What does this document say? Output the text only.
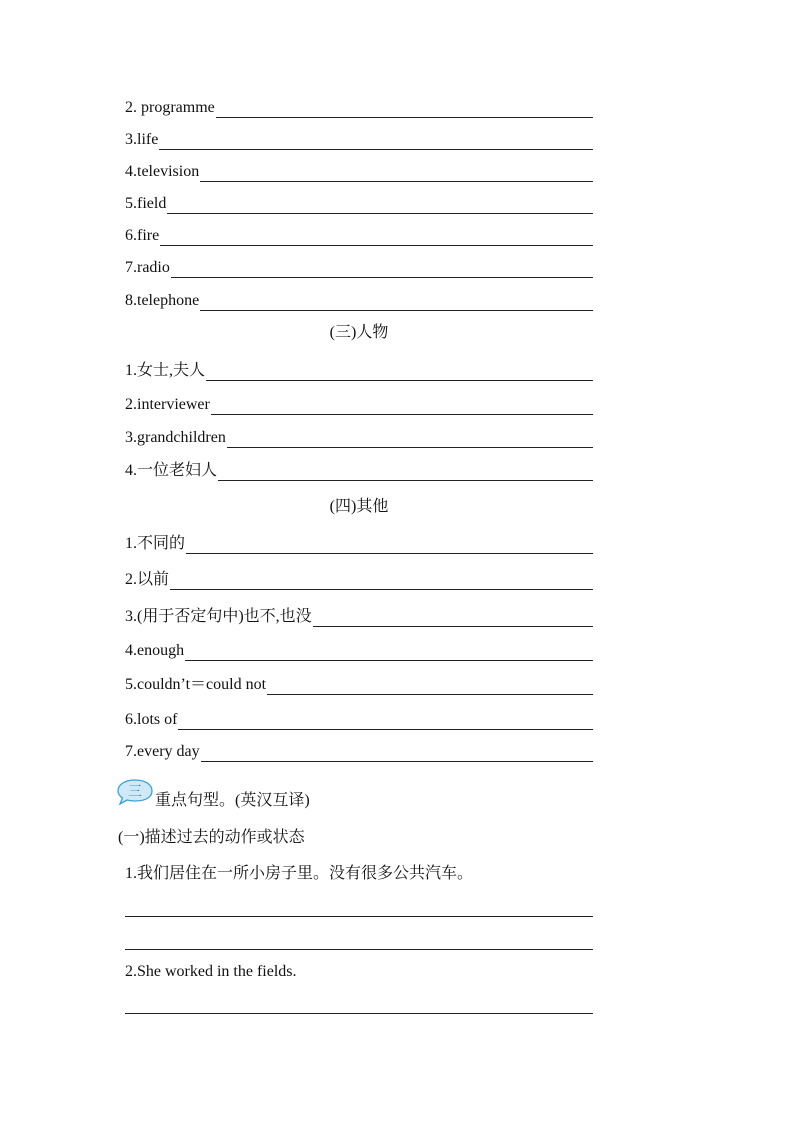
2. programme
3.life
4.television
5.field
6.fire
7.radio
8.telephone
(三)人物
1.女士,夫人
2.interviewer
3.grandchildren
4.一位老妇人
(四)其他
1.不同的
2.以前
3.(用于否定句中)也不,也没
4.enough
5.couldn’t＝could not
6.lots of
7.every day
三 重点句型。(英汉互译)
(一)描述过去的动作或状态
1.我们居住在一所小房子里。没有很多公共汽车。
2.She worked in the fields.
